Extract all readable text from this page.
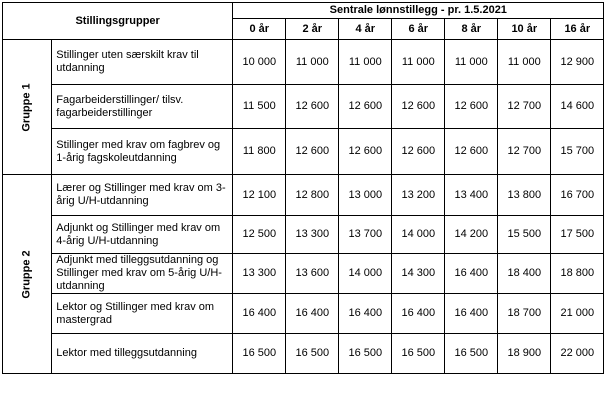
Stillingsgrupper		Sentrale lønnstillegg - pr. 1.5.2021						
		0 år	2 år	4 år	6 år	8 år	10 år	16 år
Gruppe 1	Stillinger uten særskilt krav til utdanning	10 000	11 000	11 000	11 000	11 000	11 000	12 900
	Fagarbeiderstillinger/ tilsv. fagarbeiderstillinger	11 500	12 600	12 600	12 600	12 600	12 700	14 600
	Stillinger med krav om fagbrev og 1-årig fagskoleutdanning	11 800	12 600	12 600	12 600	12 600	12 700	15 700
Gruppe 2	Lærer og Stillinger med krav om 3-årig U/H-utdanning	12 100	12 800	13 000	13 200	13 400	13 800	16 700
	Adjunkt og Stillinger med krav om 4-årig U/H-utdanning	12 500	13 300	13 700	14 000	14 200	15 500	17 500
	Adjunkt med tilleggsutdanning og Stillinger med krav om 5-årig U/H-utdanning	13 300	13 600	14 000	14 300	16 400	18 400	18 800
	Lektor og Stillinger med krav om mastergrad	16 400	16 400	16 400	16 400	16 400	18 700	21 000
	Lektor med tilleggsutdanning	16 500	16 500	16 500	16 500	16 500	18 900	22 000
